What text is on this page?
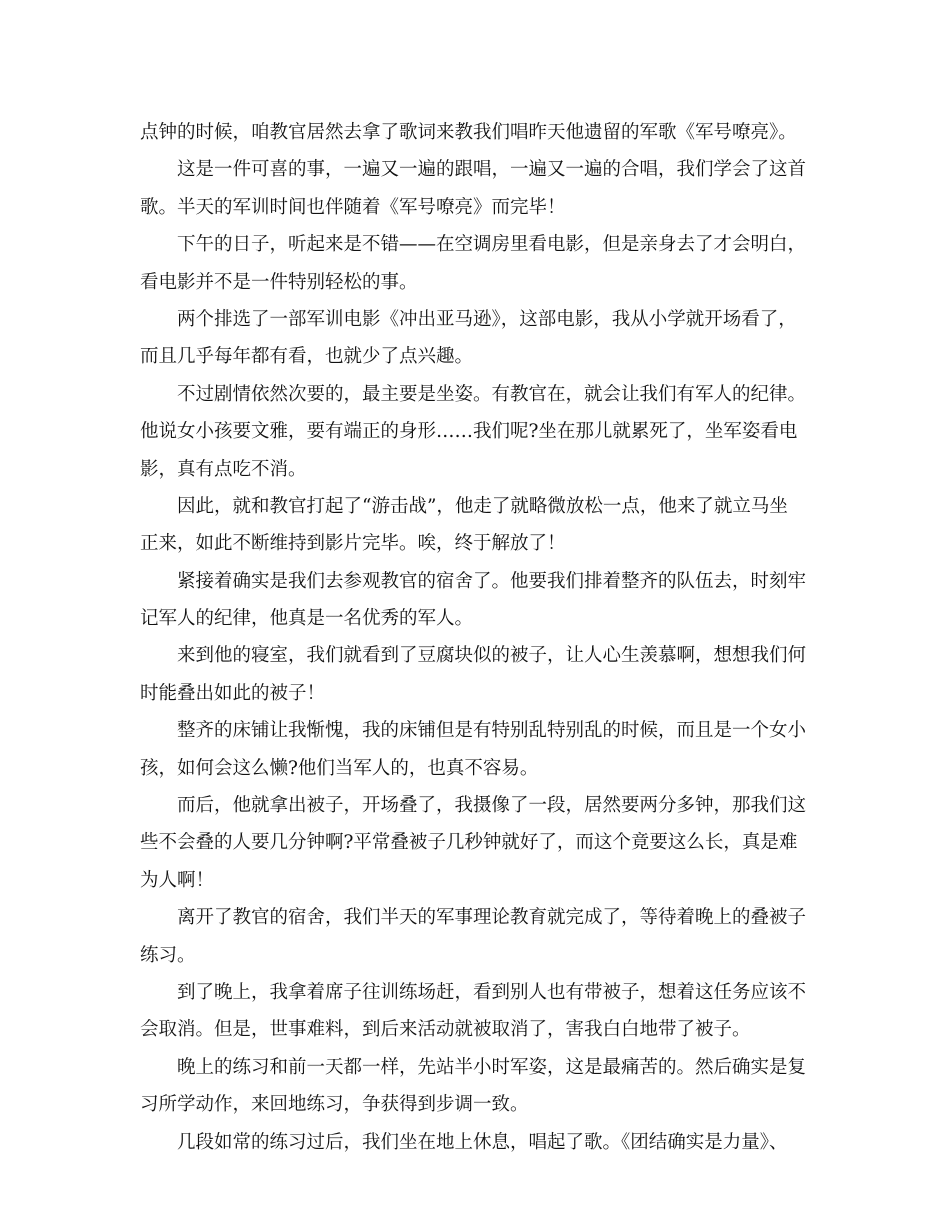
点钟的时候，咱教官居然去拿了歌词来教我们唱昨天他遗留的军歌《军号嘹亮》。
这是一件可喜的事，一遍又一遍的跟唱，一遍又一遍的合唱，我们学会了这首
歌。半天的军训时间也伴随着《军号嘹亮》而完毕！
下午的日子，听起来是不错——在空调房里看电影，但是亲身去了才会明白，
看电影并不是一件特别轻松的事。
两个排选了一部军训电影《冲出亚马逊》，这部电影，我从小学就开场看了，
而且几乎每年都有看，也就少了点兴趣。
不过剧情依然次要的，最主要是坐姿。有教官在，就会让我们有军人的纪律。
他说女小孩要文雅，要有端正的身形……我们呢?坐在那儿就累死了，坐军姿看电
影，真有点吃不消。
因此，就和教官打起了“游击战”，他走了就略微放松一点，他来了就立马坐
正来，如此不断维持到影片完毕。唉，终于解放了！
紧接着确实是我们去参观教官的宿舍了。他要我们排着整齐的队伍去，时刻牢
记军人的纪律，他真是一名优秀的军人。
来到他的寝室，我们就看到了豆腐块似的被子，让人心生羡慕啊，想想我们何
时能叠出如此的被子！
整齐的床铺让我惭愧，我的床铺但是有特别乱特别乱的时候，而且是一个女小
孩，如何会这么懒?他们当军人的，也真不容易。
而后，他就拿出被子，开场叠了，我摄像了一段，居然要两分多钟，那我们这
些不会叠的人要几分钟啊?平常叠被子几秒钟就好了，而这个竟要这么长，真是难
为人啊！
离开了教官的宿舍，我们半天的军事理论教育就完成了，等待着晚上的叠被子
练习。
到了晚上，我拿着席子往训练场赶，看到别人也有带被子，想着这任务应该不
会取消。但是，世事难料，到后来活动就被取消了，害我白白地带了被子。
晚上的练习和前一天都一样，先站半小时军姿，这是最痛苦的。然后确实是复
习所学动作，来回地练习，争获得到步调一致。
几段如常的练习过后，我们坐在地上休息，唱起了歌。《团结确实是力量》、
